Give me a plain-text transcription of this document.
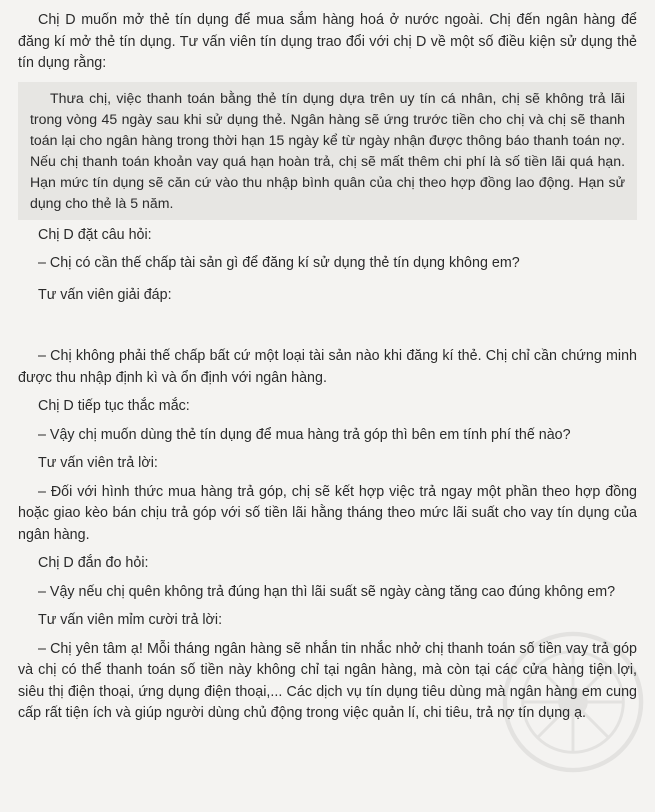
Chị D muốn mở thẻ tín dụng để mua sắm hàng hoá ở nước ngoài. Chị đến ngân hàng để đăng kí mở thẻ tín dụng. Tư vấn viên tín dụng trao đổi với chị D về một số điều kiện sử dụng thẻ tín dụng rằng:

Thưa chị, việc thanh toán bằng thẻ tín dụng dựa trên uy tín cá nhân, chị sẽ không trả lãi trong vòng 45 ngày sau khi sử dụng thẻ. Ngân hàng sẽ ứng trước tiền cho chị và chị sẽ thanh toán lại cho ngân hàng trong thời hạn 15 ngày kể từ ngày nhận được thông báo thanh toán nợ. Nếu chị thanh toán khoản vay quá hạn hoàn trả, chị sẽ mất thêm chi phí là số tiền lãi quá hạn. Hạn mức tín dụng sẽ căn cứ vào thu nhập bình quân của chị theo hợp đồng lao động. Hạn sử dụng cho thẻ là 5 năm.

Chị D đặt câu hỏi:

– Chị có cần thế chấp tài sản gì để đăng kí sử dụng thẻ tín dụng không em?

Tư vấn viên giải đáp:

– Chị không phải thế chấp bất cứ một loại tài sản nào khi đăng kí thẻ. Chị chỉ cần chứng minh được thu nhập định kì và ổn định với ngân hàng.

Chị D tiếp tục thắc mắc:

– Vậy chị muốn dùng thẻ tín dụng để mua hàng trả góp thì bên em tính phí thế nào?

Tư vấn viên trả lời:

– Đối với hình thức mua hàng trả góp, chị sẽ kết hợp việc trả ngay một phần theo hợp đồng hoặc giao kèo bán chịu trả góp với số tiền lãi hằng tháng theo mức lãi suất cho vay tín dụng của ngân hàng.

Chị D đắn đo hỏi:

– Vậy nếu chị quên không trả đúng hạn thì lãi suất sẽ ngày càng tăng cao đúng không em?

Tư vấn viên mỉm cười trả lời:

– Chị yên tâm ạ! Mỗi tháng ngân hàng sẽ nhắn tin nhắc nhở chị thanh toán số tiền vay trả góp và chị có thể thanh toán số tiền này không chỉ tại ngân hàng, mà còn tại các cửa hàng tiện lợi, siêu thị điện thoại, ứng dụng điện thoại,... Các dịch vụ tín dụng tiêu dùng mà ngân hàng em cung cấp rất tiện ích và giúp người dùng chủ động trong việc quản lí, chi tiêu, trả nợ tín dụng ạ.
